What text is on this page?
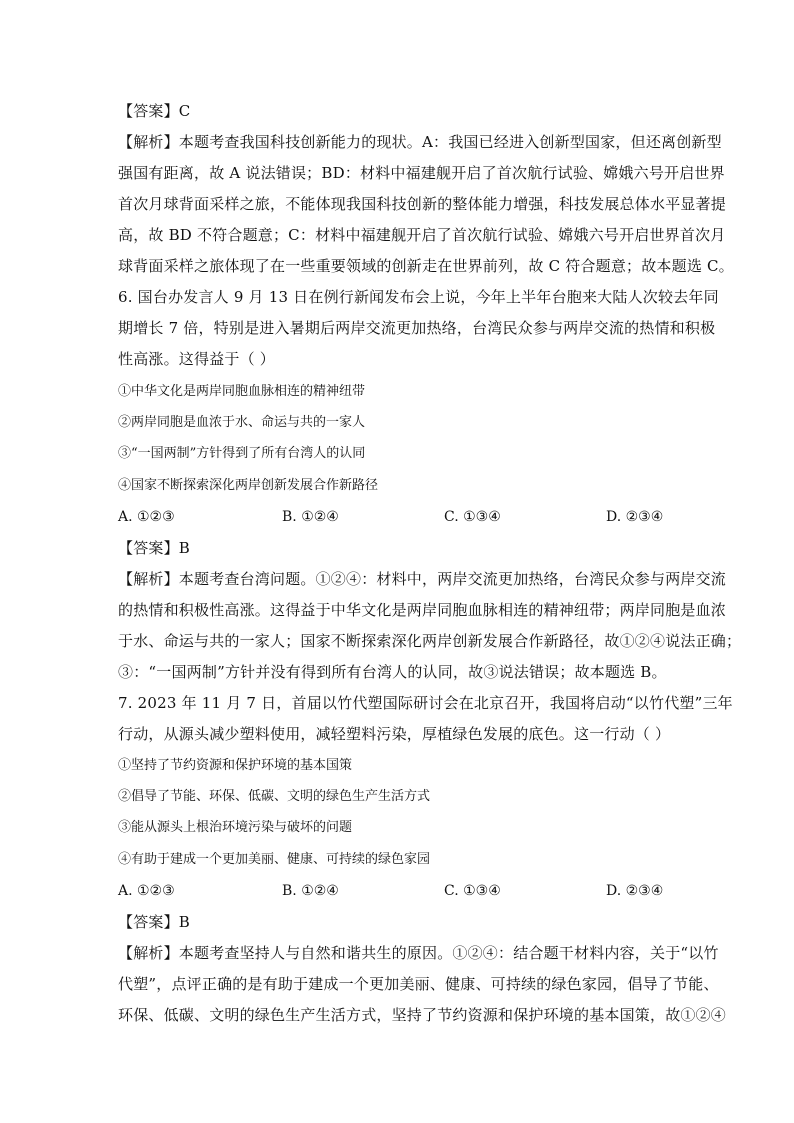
【答案】C
【解析】本题考查我国科技创新能力的现状。A：我国已经进入创新型国家，但还离创新型
强国有距离，故 A 说法错误；BD：材料中福建舰开启了首次航行试验、嫦娥六号开启世界
首次月球背面采样之旅，不能体现我国科技创新的整体能力增强，科技发展总体水平显著提
高，故 BD 不符合题意；C：材料中福建舰开启了首次航行试验、嫦娥六号开启世界首次月
球背面采样之旅体现了在一些重要领域的创新走在世界前列，故 C 符合题意；故本题选 C。
6. 国台办发言人 9 月 13 日在例行新闻发布会上说，今年上半年台胞来大陆人次较去年同
期增长 7 倍，特别是进入暑期后两岸交流更加热络，台湾民众参与两岸交流的热情和积极
性高涨。这得益于（ ）
①中华文化是两岸同胞血脉相连的精神纽带
②两岸同胞是血浓于水、命运与共的一家人
③“一国两制”方针得到了所有台湾人的认同
④国家不断探索深化两岸创新发展合作新路径
A. ①②③	B. ①②④	C. ①③④	D. ②③④
【答案】B
【解析】本题考查台湾问题。①②④：材料中，两岸交流更加热络，台湾民众参与两岸交流
的热情和积极性高涨。这得益于中华文化是两岸同胞血脉相连的精神纽带；两岸同胞是血浓
于水、命运与共的一家人；国家不断探索深化两岸创新发展合作新路径，故①②④说法正确；
③：“一国两制”方针并没有得到所有台湾人的认同，故③说法错误；故本题选 B。
7. 2023 年 11 月 7 日，首届以竹代塑国际研讨会在北京召开，我国将启动“以竹代塑”三年
行动，从源头减少塑料使用，减轻塑料污染，厚植绿色发展的底色。这一行动（ ）
①坚持了节约资源和保护环境的基本国策
②倡导了节能、环保、低碳、文明的绿色生产生活方式
③能从源头上根治环境污染与破坏的问题
④有助于建成一个更加美丽、健康、可持续的绿色家园
A. ①②③	B. ①②④	C. ①③④	D. ②③④
【答案】B
【解析】本题考查坚持人与自然和谐共生的原因。①②④：结合题干材料内容，关于“以竹
代塑”，点评正确的是有助于建成一个更加美丽、健康、可持续的绿色家园，倡导了节能、
环保、低碳、文明的绿色生产生活方式，坚持了节约资源和保护环境的基本国策，故①②④
